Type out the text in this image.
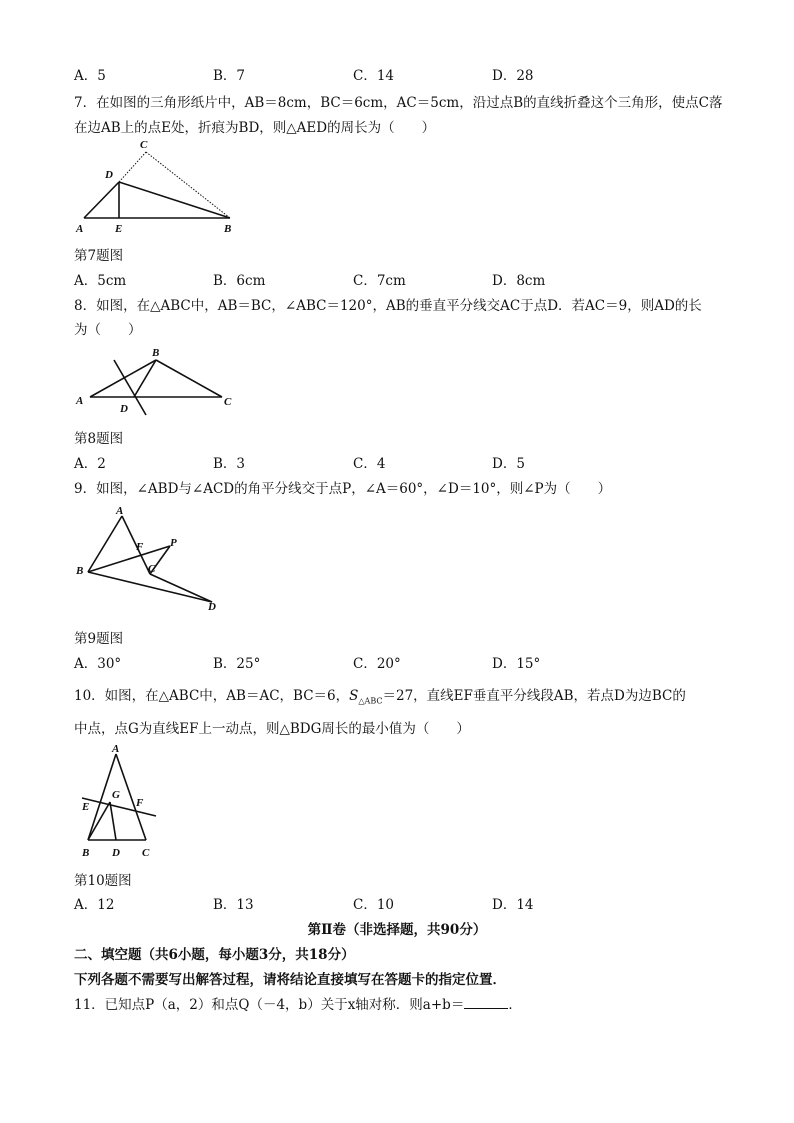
A．5	B．7	C．14	D．28
7．在如图的三角形纸片中，AB＝8cm，BC＝6cm，AC＝5cm，沿过点B的直线折叠这个三角形，使点C落
在边AB上的点E处，折痕为BD，则△AED的周长为（　　）
A	E	B
D
C
第7题图
A．5cm	B．6cm	C．7cm	D．8cm
8．如图，在△ABC中，AB＝BC，∠ABC＝120°，AB的垂直平分线交AC于点D．若AC＝9，则AD的长
为（　　）
A
B
C
D
第8题图
A．2	B．3	C．4	D．5
9．如图，∠ABD与∠ACD的角平分线交于点P，∠A＝60°，∠D＝10°，则∠P为（　　）
A
B	C
D
F P
第9题图
A．30°	B．25°	C．20°	D．15°
10．如图，在△ABC中，AB＝AC，BC＝6，$S_{\triangle ABC}=27$，直线EF垂直平分线段AB，若点D为边BC的
中点，点G为直线EF上一动点，则△BDG周长的最小值为（　　）
A
B D C
E
G
F
第10题图
A．12	B．13	C．10	D．14
第Ⅱ卷（非选择题，共90分）
二、填空题（共6小题，每小题3分，共18分）
下列各题不需要写出解答过程，请将结论直接填写在答题卡的指定位置．
11．已知点P（a，2）和点Q（－4，b）关于x轴对称．则a+b＝	．
